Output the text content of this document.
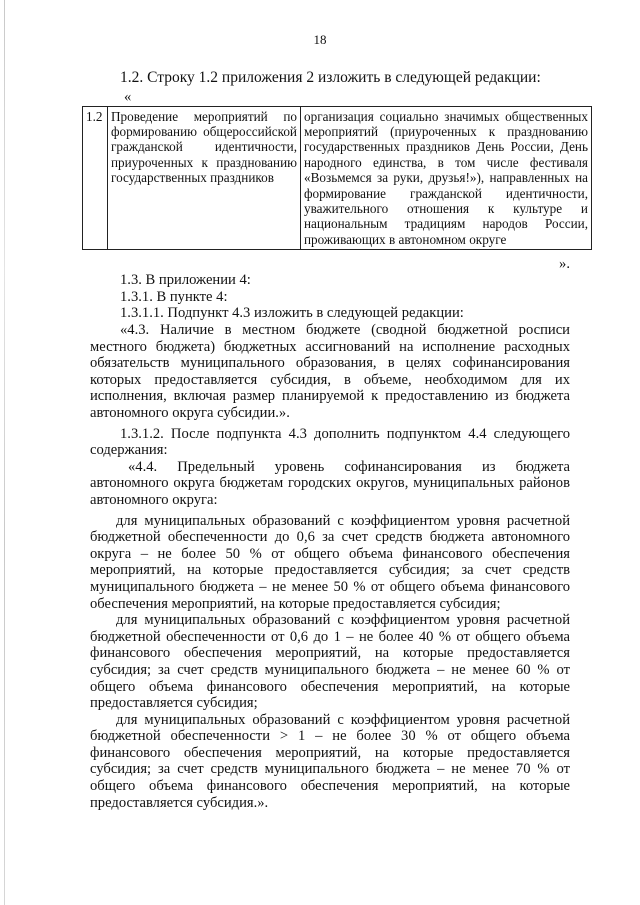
18

1.2. Строку 1.2 приложения 2 изложить в следующей редакции:

«
1.2	Проведение мероприятий по формированию общероссийской гражданской идентичности, приуроченных к празднованию государственных праздников	организация социально значимых общественных мероприятий (приуроченных к празднованию государственных праздников День России, День народного единства, в том числе фестиваля «Возьмемся за руки, друзья!»), направленных на формирование гражданской идентичности, уважительного отношения к культуре и национальным традициям народов России, проживающих в автономном округе
».

1.3. В приложении 4:

1.3.1. В пункте 4:

1.3.1.1. Подпункт 4.3 изложить в следующей редакции:

«4.3. Наличие в местном бюджете (сводной бюджетной росписи местного бюджета) бюджетных ассигнований на исполнение расходных обязательств муниципального образования, в целях софинансирования которых предоставляется субсидия, в объеме, необходимом для их исполнения, включая размер планируемой к предоставлению из бюджета автономного округа субсидии.».

1.3.1.2. После подпункта 4.3 дополнить подпунктом 4.4 следующего содержания:

«4.4. Предельный уровень софинансирования из бюджета автономного округа бюджетам городских округов, муниципальных районов автономного округа:

для муниципальных образований с коэффициентом уровня расчетной бюджетной обеспеченности до 0,6 за счет средств бюджета автономного округа – не более 50 % от общего объема финансового обеспечения мероприятий, на которые предоставляется субсидия; за счет средств муниципального бюджета – не менее 50 % от общего объема финансового обеспечения мероприятий, на которые предоставляется субсидия;

для муниципальных образований с коэффициентом уровня расчетной бюджетной обеспеченности от 0,6 до 1 – не более 40 % от общего объема финансового обеспечения мероприятий, на которые предоставляется субсидия; за счет средств муниципального бюджета – не менее 60 % от общего объема финансового обеспечения мероприятий, на которые предоставляется субсидия;

для муниципальных образований с коэффициентом уровня расчетной бюджетной обеспеченности > 1 – не более 30 % от общего объема финансового обеспечения мероприятий, на которые предоставляется субсидия; за счет средств муниципального бюджета – не менее 70 % от общего объема финансового обеспечения мероприятий, на которые предоставляется субсидия.».
